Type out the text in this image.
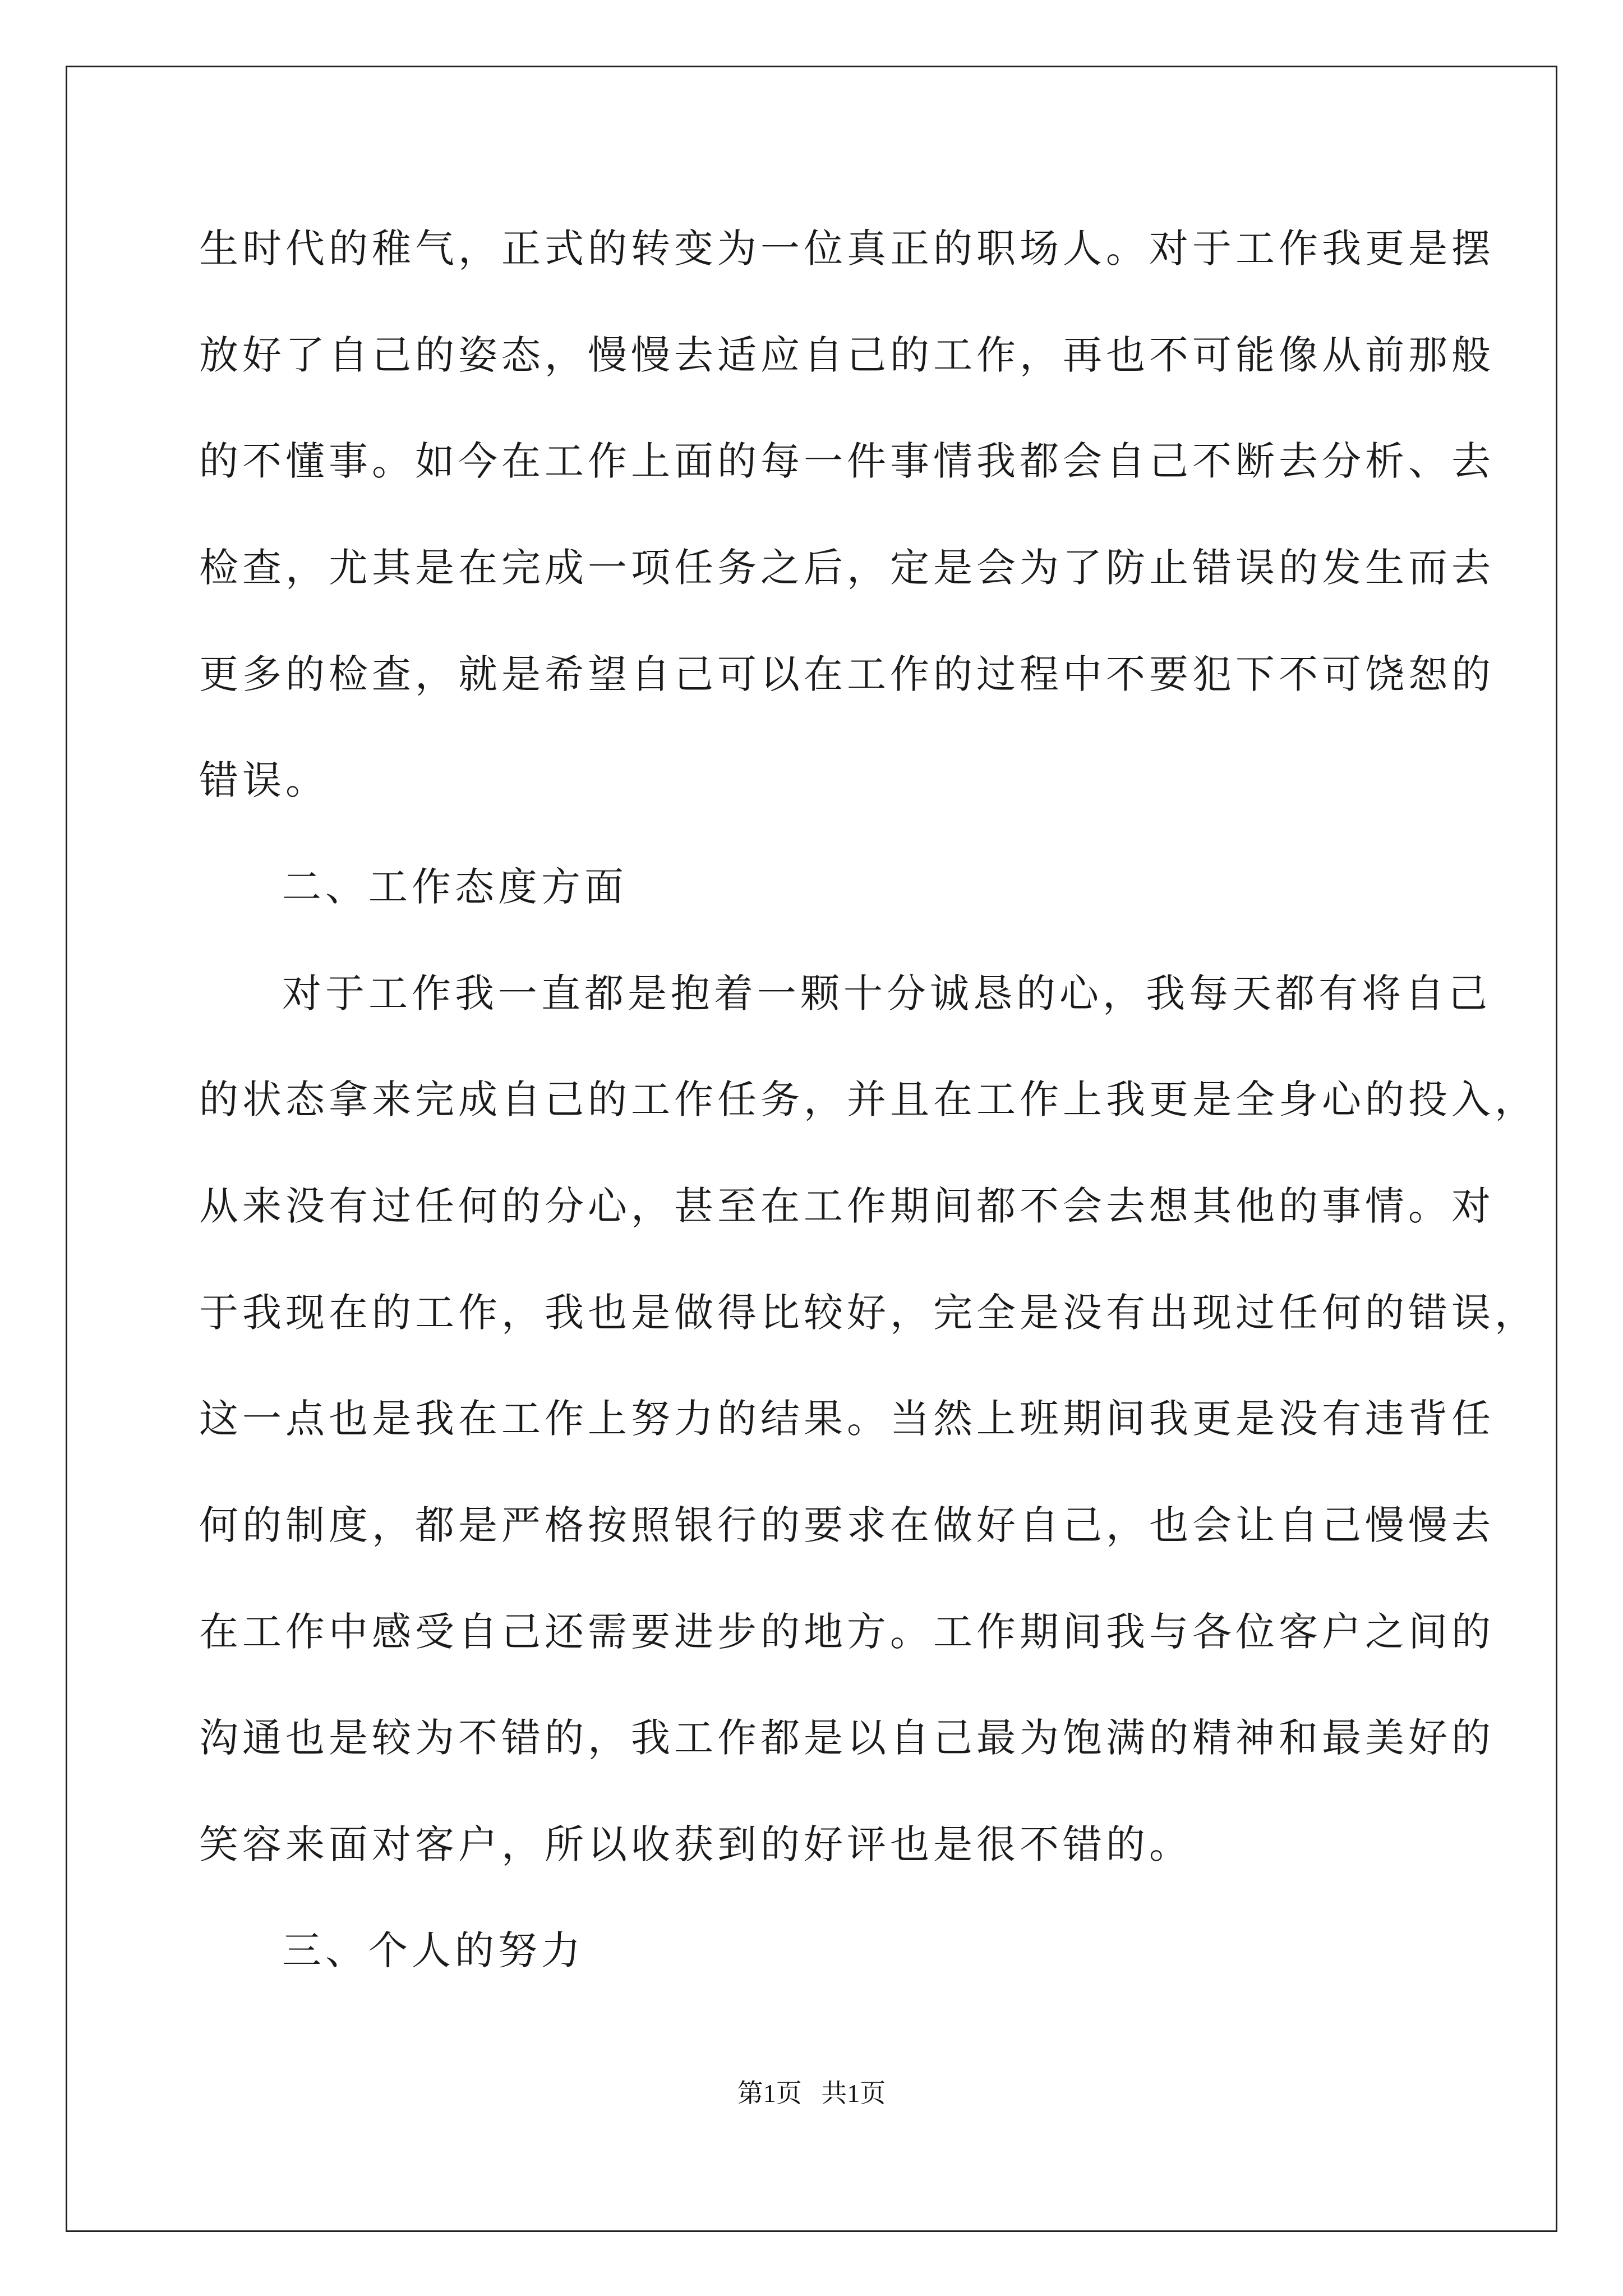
生时代的稚气，正式的转变为一位真正的职场人。对于工作我更是摆
放好了自己的姿态，慢慢去适应自己的工作，再也不可能像从前那般
的不懂事。如今在工作上面的每一件事情我都会自己不断去分析、去
检查，尤其是在完成一项任务之后，定是会为了防止错误的发生而去
更多的检查，就是希望自己可以在工作的过程中不要犯下不可饶恕的
错误。
二、工作态度方面
对于工作我一直都是抱着一颗十分诚恳的心，我每天都有将自己
的状态拿来完成自己的工作任务，并且在工作上我更是全身心的投入，
从来没有过任何的分心，甚至在工作期间都不会去想其他的事情。对
于我现在的工作，我也是做得比较好，完全是没有出现过任何的错误，
这一点也是我在工作上努力的结果。当然上班期间我更是没有违背任
何的制度，都是严格按照银行的要求在做好自己，也会让自己慢慢去
在工作中感受自己还需要进步的地方。工作期间我与各位客户之间的
沟通也是较为不错的，我工作都是以自己最为饱满的精神和最美好的
笑容来面对客户，所以收获到的好评也是很不错的。
三、个人的努力
第1页   共1页
